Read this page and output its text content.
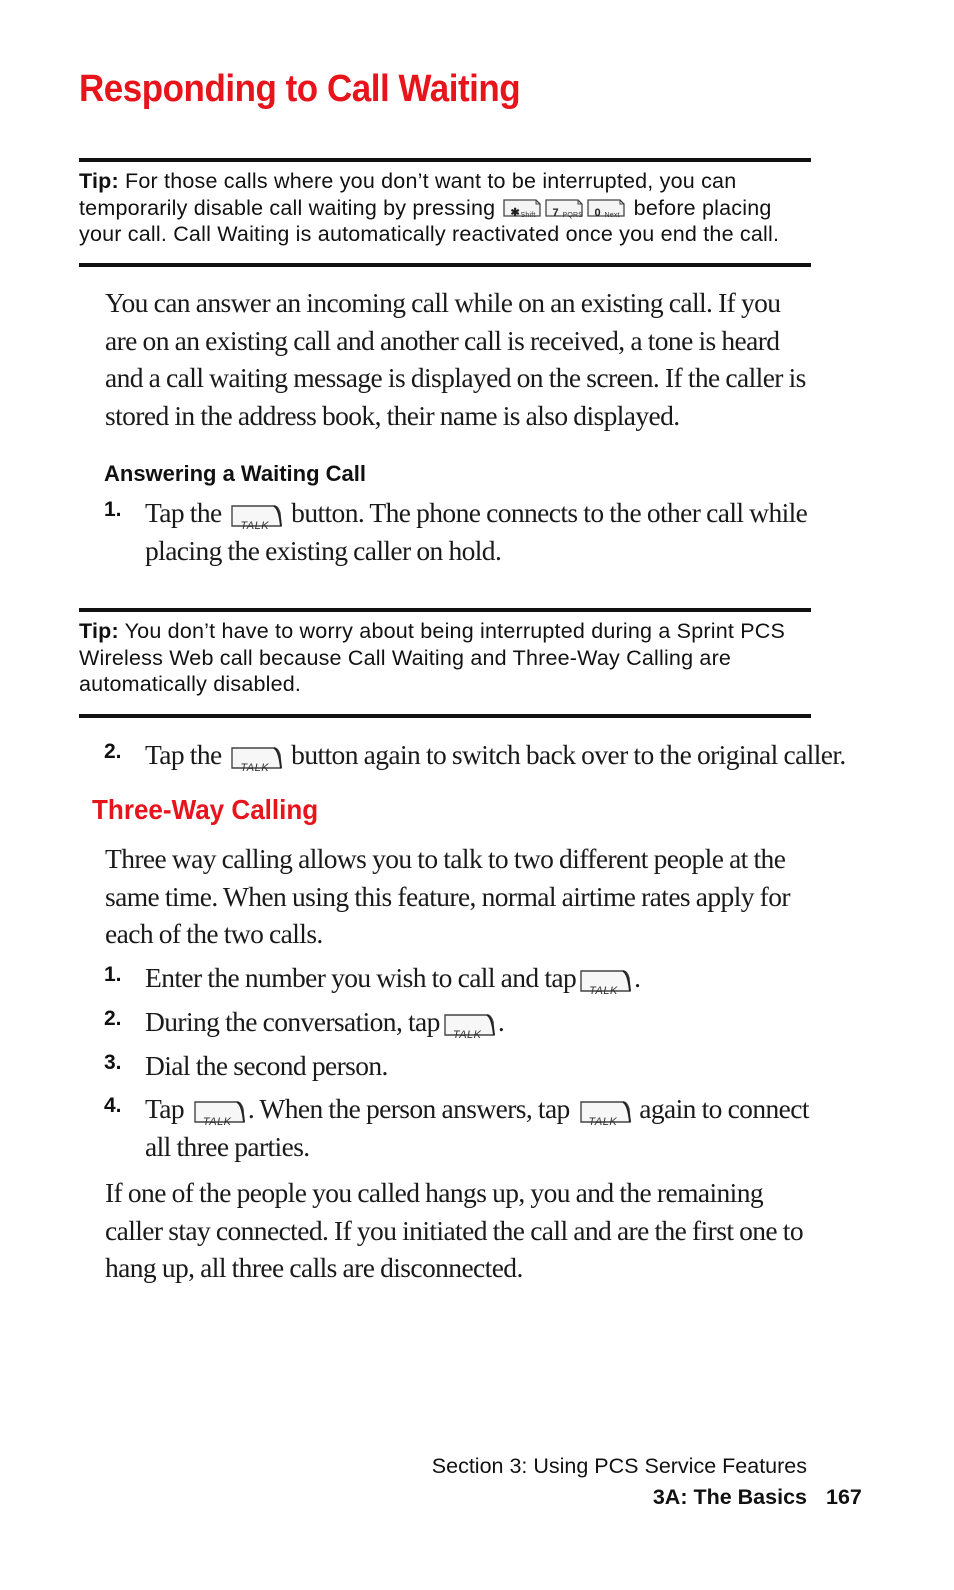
Responding to Call Waiting
Tip: For those calls where you don’t want to be interrupted, you can temporarily disable call waiting by pressing ✱ Shift 7 PQRS 0 Next before placing your call. Call Waiting is automatically reactivated once you end the call.

You can answer an incoming call while on an existing call. If you are on an existing call and another call is received, a tone is heard and a call waiting message is displayed on the screen. If the caller is stored in the address book, their name is also displayed.

Answering a Waiting Call
1. Tap the TALK button. The phone connects to the other call while placing the existing caller on hold.
Tip: You don’t have to worry about being interrupted during a Sprint PCS Wireless Web call because Call Waiting and Three-Way Calling are automatically disabled.
2. Tap the TALK button again to switch back over to the original caller.
Three-Way Calling

Three way calling allows you to talk to two different people at the same time. When using this feature, normal airtime rates apply for each of the two calls.

1. Enter the number you wish to call and tap TALK .
2. During the conversation, tap TALK .
3. Dial the second person.
4. Tap TALK . When the person answers, tap TALK again to connect all three parties.

If one of the people you called hangs up, you and the remaining caller stay connected. If you initiated the call and are the first one to hang up, all three calls are disconnected.

Section 3: Using PCS Service Features
3A: The Basics 167
